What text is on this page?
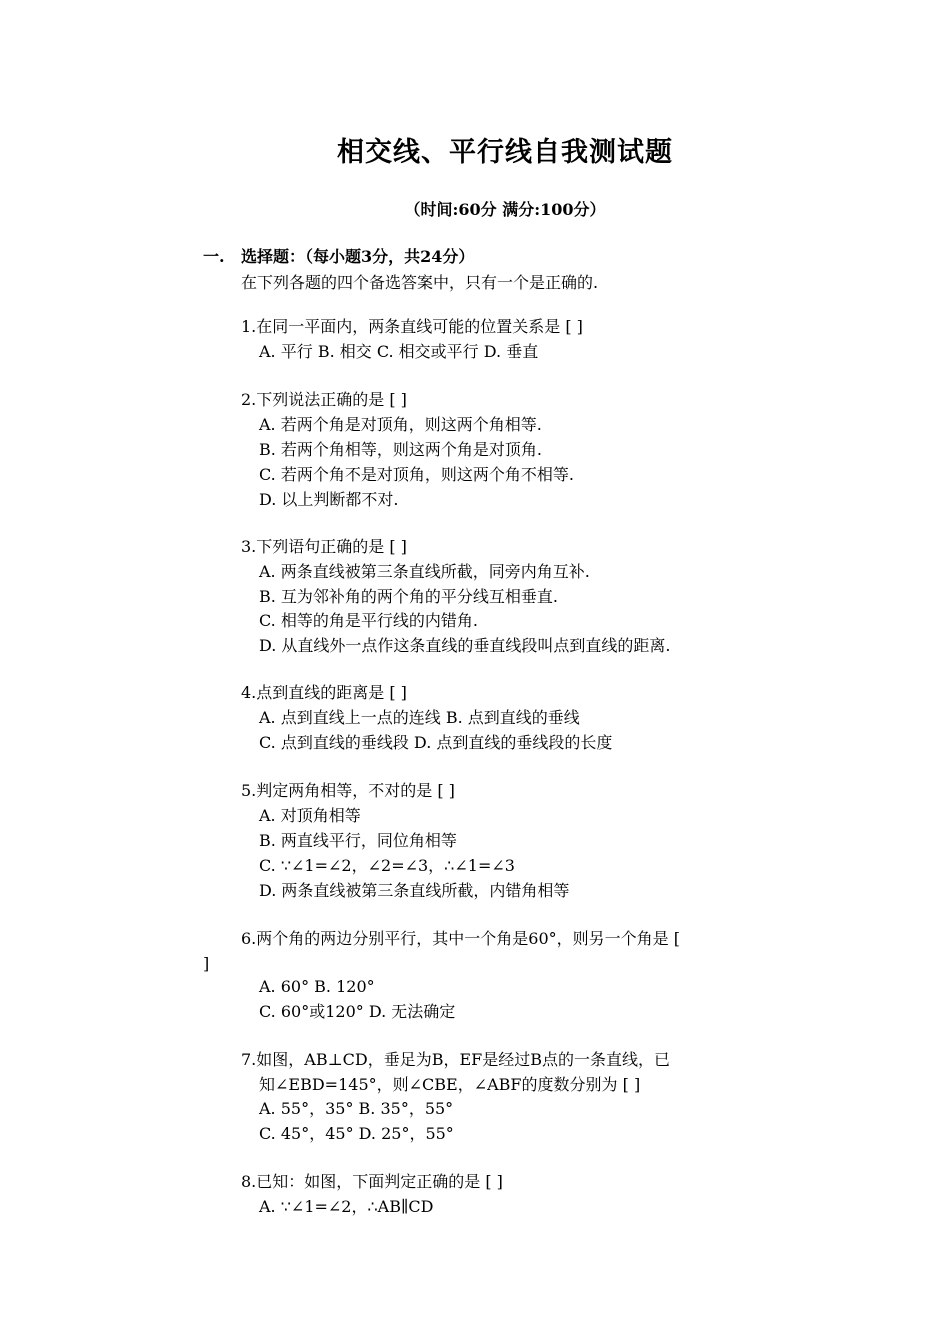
相交线、平行线自我测试题
（时间:60分 满分:100分）
一. 选择题：（每小题3分，共24分）
在下列各题的四个备选答案中，只有一个是正确的.
1.在同一平面内，两条直线可能的位置关系是 [ ]
A. 平行 B. 相交 C. 相交或平行 D. 垂直
2.下列说法正确的是 [ ]
A. 若两个角是对顶角，则这两个角相等.
B. 若两个角相等，则这两个角是对顶角.
C. 若两个角不是对顶角，则这两个角不相等.
D. 以上判断都不对.
3.下列语句正确的是 [ ]
A. 两条直线被第三条直线所截，同旁内角互补.
B. 互为邻补角的两个角的平分线互相垂直.
C. 相等的角是平行线的内错角.
D. 从直线外一点作这条直线的垂直线段叫点到直线的距离.
4.点到直线的距离是 [ ]
A. 点到直线上一点的连线 B. 点到直线的垂线
C. 点到直线的垂线段 D. 点到直线的垂线段的长度
5.判定两角相等，不对的是 [ ]
A. 对顶角相等
B. 两直线平行，同位角相等
C. ∵∠1=∠2，∠2=∠3，∴∠1=∠3
D. 两条直线被第三条直线所截，内错角相等
6.两个角的两边分别平行，其中一个角是60°，则另一个角是 [
]
A. 60° B. 120°
C. 60°或120° D. 无法确定
7.如图，AB⊥CD，垂足为B，EF是经过B点的一条直线，已
知∠EBD=145°，则∠CBE，∠ABF的度数分别为 [ ]
A. 55°，35° B. 35°，55°
C. 45°，45° D. 25°，55°
8.已知：如图，下面判定正确的是 [ ]
A. ∵∠1=∠2，∴AB∥CD
